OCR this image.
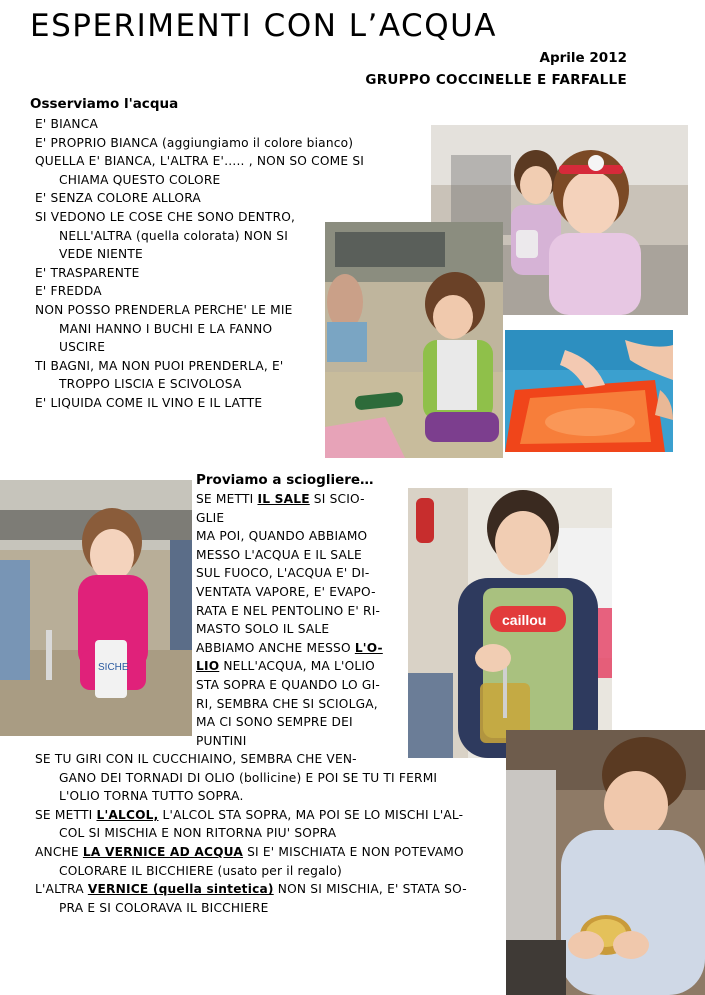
ESPERIMENTI CON L’ACQUA
Aprile 2012
GRUPPO COCCINELLE E FARFALLE
Osserviamo l'acqua
E' BIANCA
E' PROPRIO BIANCA (aggiungiamo il colore bianco)
QUELLA E' BIANCA, L'ALTRA E'….. , NON SO COME SI
CHIAMA QUESTO COLORE
E' SENZA COLORE ALLORA
SI VEDONO LE COSE CHE SONO DENTRO,
NELL'ALTRA (quella colorata) NON SI
VEDE NIENTE
E' TRASPARENTE
E' FREDDA
NON POSSO PRENDERLA PERCHE' LE MIE
MANI HANNO I BUCHI E LA FANNO
USCIRE
TI BAGNI, MA NON PUOI PRENDERLA, E'
TROPPO LISCIA E SCIVOLOSA
E' LIQUIDA COME IL VINO E IL LATTE
SICHE
Proviamo a sciogliere…
SE METTI IL SALE SI SCIO-
GLIE
MA POI, QUANDO ABBIAMO
MESSO L'ACQUA E IL SALE
SUL FUOCO, L'ACQUA E' DI-
VENTATA VAPORE, E' EVAPO-
RATA E NEL PENTOLINO E' RI-
MASTO SOLO IL SALE
ABBIAMO ANCHE MESSO L'O-
LIO NELL'ACQUA, MA L'OLIO
STA SOPRA E QUANDO LO GI-
RI, SEMBRA CHE SI SCIOLGA,
MA CI SONO SEMPRE DEI
PUNTINI
caillou
SE TU GIRI CON IL CUCCHIAINO, SEMBRA CHE VEN-
GANO DEI TORNADI DI OLIO (bollicine) E POI SE TU TI FERMI
L'OLIO TORNA TUTTO SOPRA.
SE METTI L'ALCOL, L'ALCOL STA SOPRA, MA POI SE LO MISCHI L'AL-
COL SI MISCHIA E NON RITORNA PIU' SOPRA
ANCHE LA VERNICE AD ACQUA SI E' MISCHIATA E NON POTEVAMO
COLORARE IL BICCHIERE (usato per il regalo)
L'ALTRA VERNICE (quella sintetica) NON SI MISCHIA, E' STATA SO-
PRA E SI COLORAVA IL BICCHIERE
